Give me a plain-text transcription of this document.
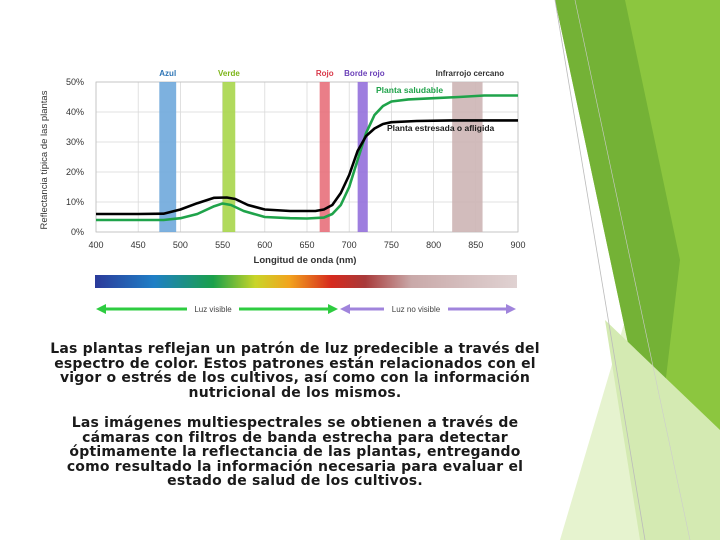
0%
10%
20%
30%
40%
50%
400	450	500	550	600	650	700	750	800	850	900
Azul	Verde	Rojo Borde rojo	Infrarrojo cercano
Planta saludable
Planta estresada o afligida
Longitud de onda (nm)
Reflectancia típica de las plantas
Luz visible	Luz no visible

Las plantas reflejan un patrón de luz predecible a través del espectro de color. Estos patrones están relacionados con el vigor o estrés de los cultivos, así como con la información nutricional de los mismos.

Las imágenes multiespectrales se obtienen a través de cámaras con filtros de banda estrecha para detectar óptimamente la reflectancia de las plantas, entregando como resultado la información necesaria para evaluar el estado de salud de los cultivos.
